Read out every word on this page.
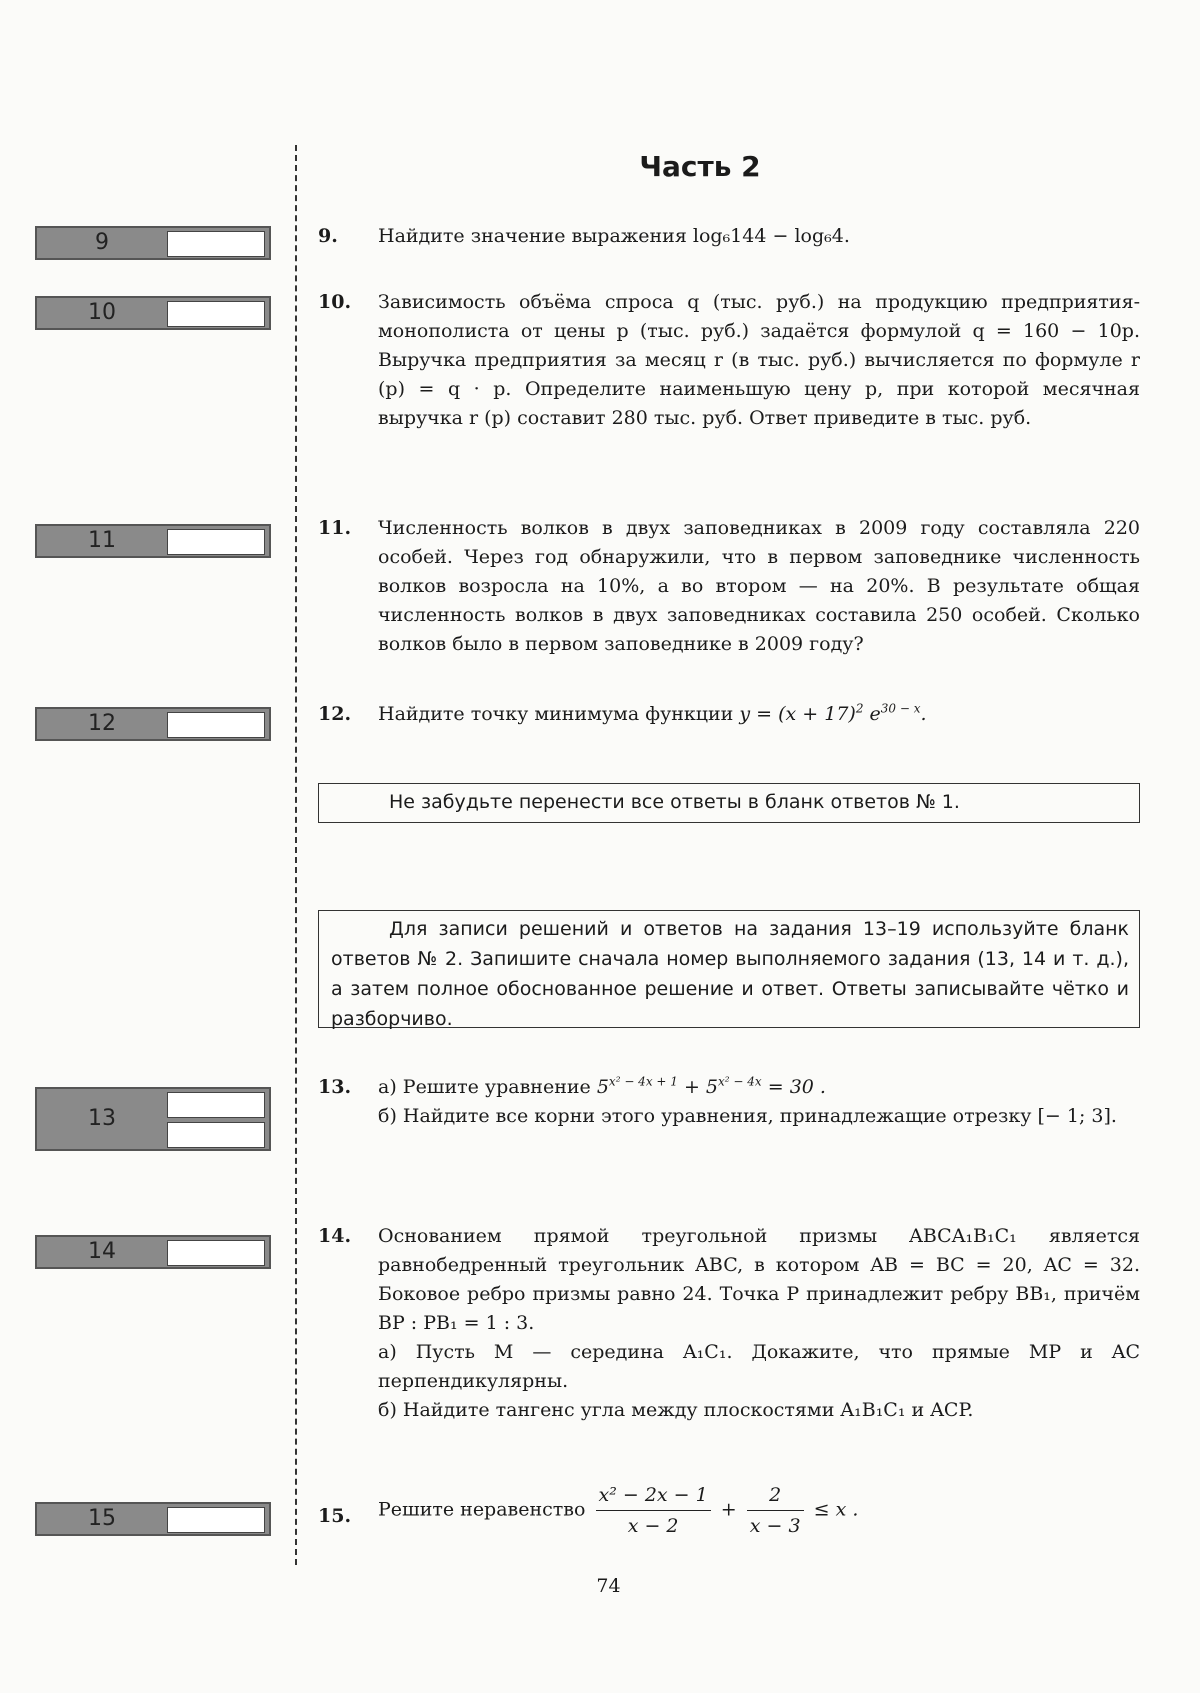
Часть 2
9
10
11
12
13
14
15
9. Найдите значение выражения log₆144 − log₆4.
10. Зависимость объёма спроса q (тыс. руб.) на продукцию предприятия-монополиста от цены p (тыс. руб.) задаётся формулой q = 160 − 10p. Выручка предприятия за месяц r (в тыс. руб.) вычисляется по формуле r (p) = q · p. Определите наименьшую цену p, при которой месячная выручка r (p) составит 280 тыс. руб. Ответ приведите в тыс. руб.
11. Численность волков в двух заповедниках в 2009 году составляла 220 особей. Через год обнаружили, что в первом заповеднике численность волков возросла на 10%, а во втором — на 20%. В результате общая численность волков в двух заповедниках составила 250 особей. Сколько волков было в первом заповеднике в 2009 году?
12. Найдите точку минимума функции $y = (x + 17)^2$ $e^{30 - x}$.
Не забудьте перенести все ответы в бланк ответов № 1.
Для записи решений и ответов на задания 13–19 используйте бланк ответов № 2. Запишите сначала номер выполняемого задания (13, 14 и т. д.), а затем полное обоснованное решение и ответ. Ответы записывайте чётко и разборчиво.
13. а) Решите уравнение $5^{x^2 - 4x + 1} + 5^{x^2 - 4x} = 30$ .

б) Найдите все корни этого уравнения, принадлежащие отрезку [− 1; 3].

14. Основанием прямой треугольной призмы ABCA₁B₁C₁ является равнобедренный треугольник ABC, в котором AB = BC = 20, AC = 32. Боковое ребро призмы равно 24. Точка P принадлежит ребру BB₁, причём BP : PB₁ = 1 : 3.

а) Пусть M — середина A₁C₁. Докажите, что прямые MP и AC перпендикулярны.

б) Найдите тангенс угла между плоскостями A₁B₁C₁ и ACP.

15. Решите неравенство $\frac{\text{x² − 2x − 1}}{x - 2} + \frac{2}{x - 3} \le x$ .
74
